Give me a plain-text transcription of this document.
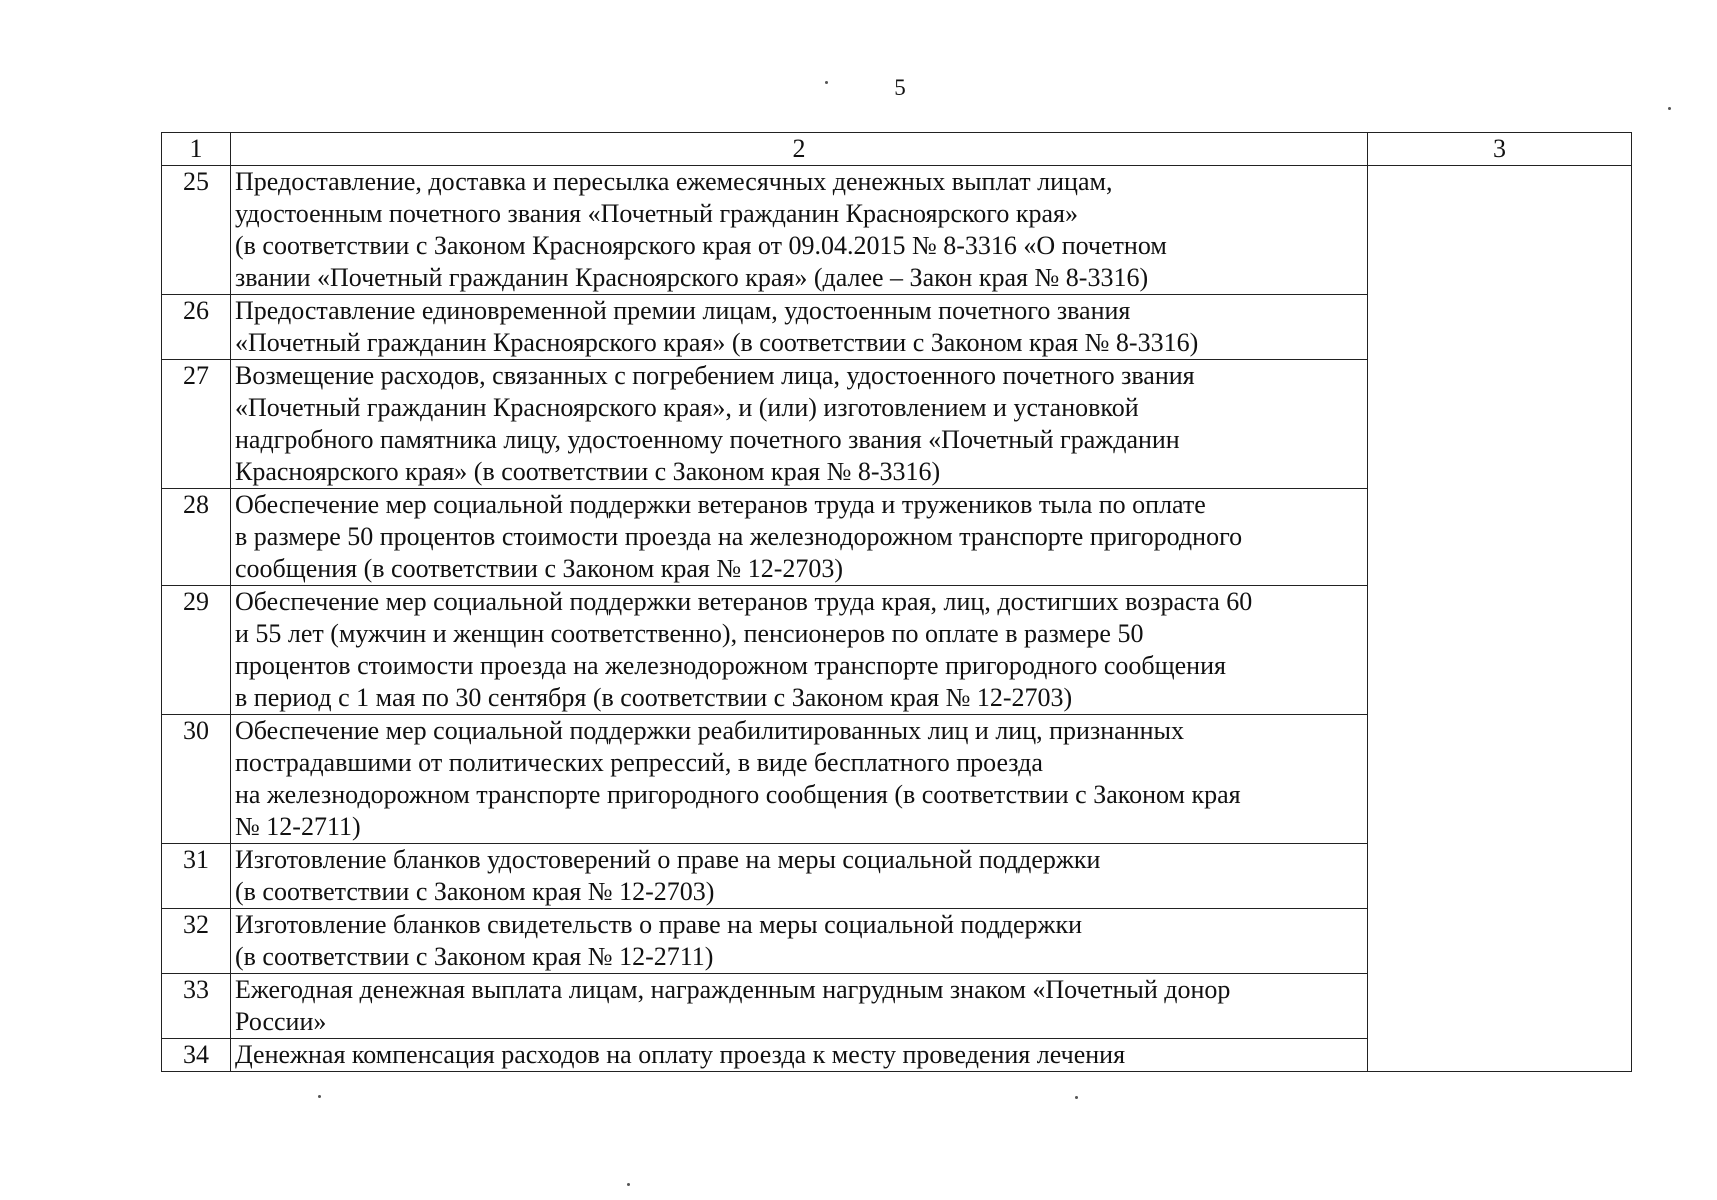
5
1	2	3
25	Предоставление, доставка и пересылка ежемесячных денежных выплат лицам,
удостоенным почетного звания «Почетный гражданин Красноярского края»
(в соответствии с Законом Красноярского края от 09.04.2015 № 8-3316 «О почетном
звании «Почетный гражданин Красноярского края» (далее – Закон края № 8-3316)	

26	Предоставление единовременной премии лицам, удостоенным почетного звания
«Почетный гражданин Красноярского края» (в соответствии с Законом края № 8-3316)	

27	Возмещение расходов, связанных с погребением лица, удостоенного почетного звания
«Почетный гражданин Красноярского края», и (или) изготовлением и установкой
надгробного памятника лицу, удостоенному почетного звания «Почетный гражданин
Красноярского края» (в соответствии с Законом края № 8-3316)	

28	Обеспечение мер социальной поддержки ветеранов труда и тружеников тыла по оплате
в размере 50 процентов стоимости проезда на железнодорожном транспорте пригородного
сообщения (в соответствии с Законом края № 12-2703)	

29	Обеспечение мер социальной поддержки ветеранов труда края, лиц, достигших возраста 60
и 55 лет (мужчин и женщин соответственно), пенсионеров по оплате в размере 50
процентов стоимости проезда на железнодорожном транспорте пригородного сообщения
в период с 1 мая по 30 сентября (в соответствии с Законом края № 12-2703)	

30	Обеспечение мер социальной поддержки реабилитированных лиц и лиц, признанных
пострадавшими от политических репрессий, в виде бесплатного проезда
на железнодорожном транспорте пригородного сообщения (в соответствии с Законом края
№ 12-2711)	

31	Изготовление бланков удостоверений о праве на меры социальной поддержки
(в соответствии с Законом края № 12-2703)	

32	Изготовление бланков свидетельств о праве на меры социальной поддержки
(в соответствии с Законом края № 12-2711)	

33	Ежегодная денежная выплата лицам, награжденным нагрудным знаком «Почетный донор
России»	

34	Денежная компенсация расходов на оплату проезда к месту проведения лечения	
